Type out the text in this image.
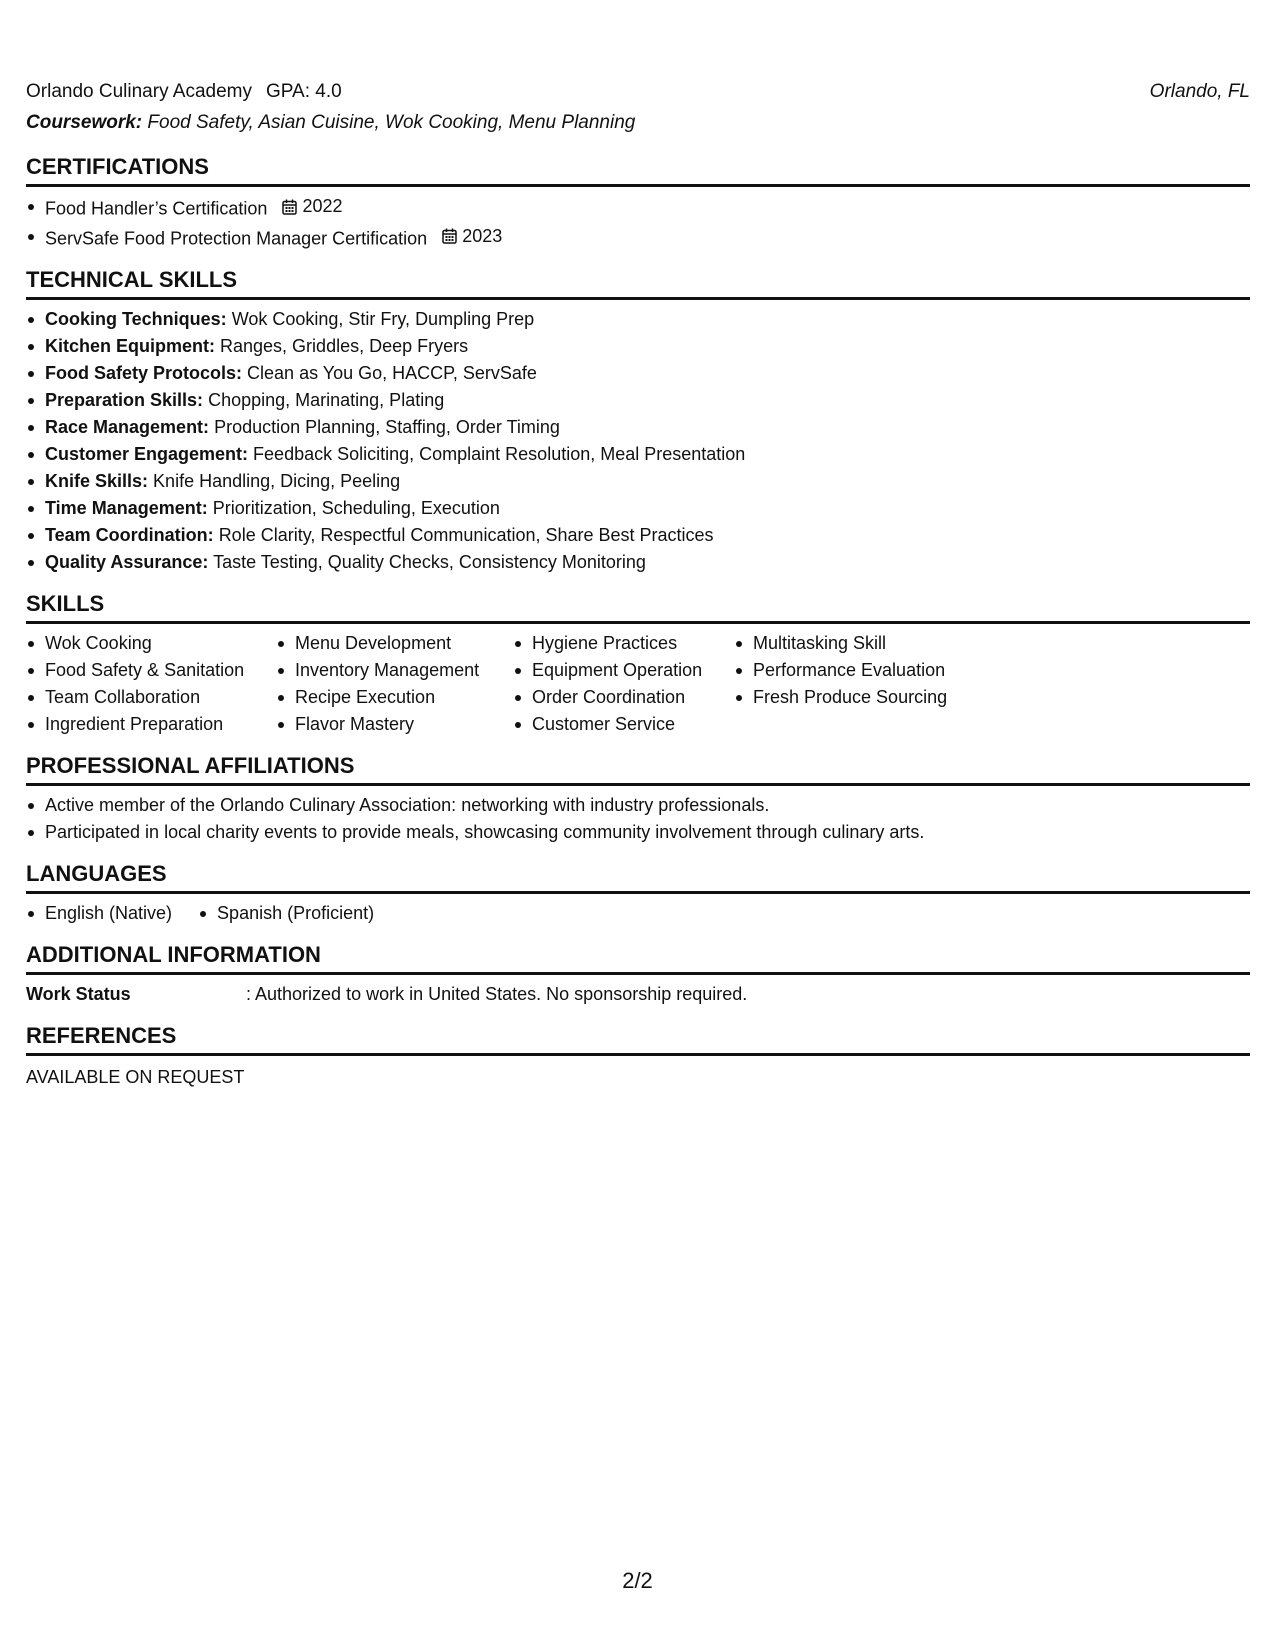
Orlando Culinary Academy GPA: 4.0	Orlando, FL
Coursework: Food Safety, Asian Cuisine, Wok Cooking, Menu Planning
CERTIFICATIONS
Food Handler’s Certification 2022
ServSafe Food Protection Manager Certification 2023
TECHNICAL SKILLS
Cooking Techniques: Wok Cooking, Stir Fry, Dumpling Prep
Kitchen Equipment: Ranges, Griddles, Deep Fryers
Food Safety Protocols: Clean as You Go, HACCP, ServSafe
Preparation Skills: Chopping, Marinating, Plating
Race Management: Production Planning, Staffing, Order Timing
Customer Engagement: Feedback Soliciting, Complaint Resolution, Meal Presentation
Knife Skills: Knife Handling, Dicing, Peeling
Time Management: Prioritization, Scheduling, Execution
Team Coordination: Role Clarity, Respectful Communication, Share Best Practices
Quality Assurance: Taste Testing, Quality Checks, Consistency Monitoring
SKILLS
Wok Cooking
Food Safety & Sanitation
Team Collaboration
Ingredient Preparation
Menu Development
Inventory Management
Recipe Execution
Flavor Mastery
Hygiene Practices
Equipment Operation
Order Coordination
Customer Service
Multitasking Skill
Performance Evaluation
Fresh Produce Sourcing
PROFESSIONAL AFFILIATIONS
Active member of the Orlando Culinary Association: networking with industry professionals.
Participated in local charity events to provide meals, showcasing community involvement through culinary arts.
LANGUAGES
English (Native)	Spanish (Proficient)
ADDITIONAL INFORMATION
Work Status	: Authorized to work in United States. No sponsorship required.
REFERENCES
AVAILABLE ON REQUEST
2/2
